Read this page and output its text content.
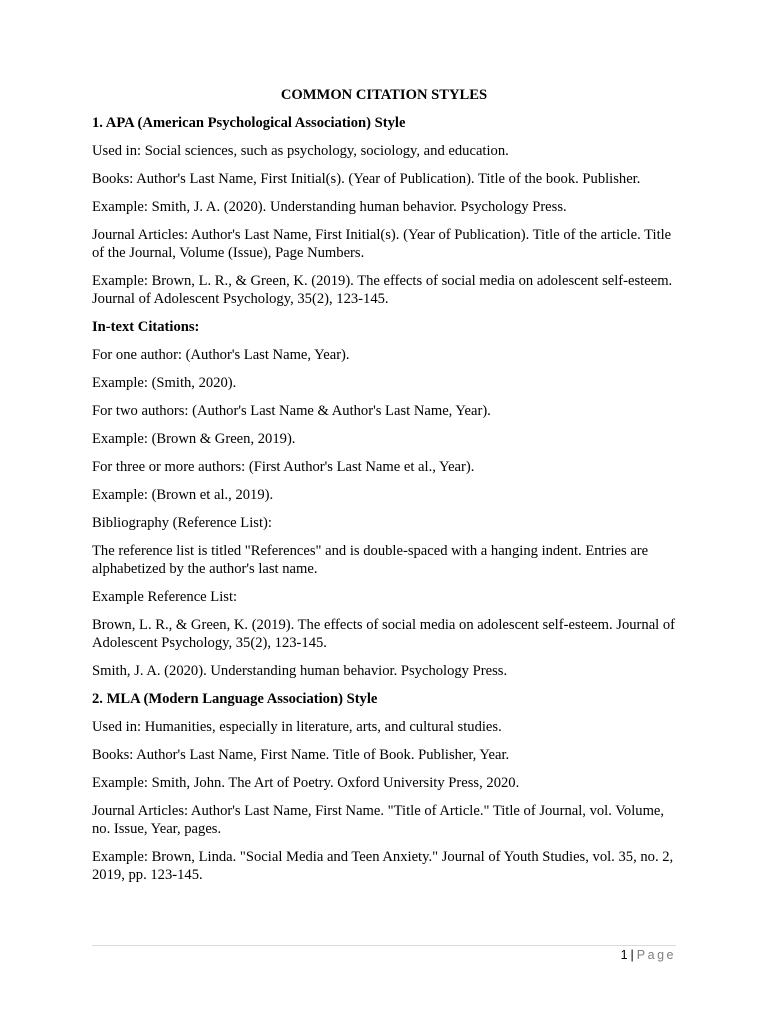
COMMON CITATION STYLES

1. APA (American Psychological Association) Style

Used in: Social sciences, such as psychology, sociology, and education.

Books: Author's Last Name, First Initial(s). (Year of Publication). Title of the book. Publisher.

Example: Smith, J. A. (2020). Understanding human behavior. Psychology Press.

Journal Articles: Author's Last Name, First Initial(s). (Year of Publication). Title of the article. Title of the Journal, Volume (Issue), Page Numbers.

Example: Brown, L. R., & Green, K. (2019). The effects of social media on adolescent self-esteem. Journal of Adolescent Psychology, 35(2), 123-145.

In-text Citations:

For one author: (Author's Last Name, Year).

Example: (Smith, 2020).

For two authors: (Author's Last Name & Author's Last Name, Year).

Example: (Brown & Green, 2019).

For three or more authors: (First Author's Last Name et al., Year).

Example: (Brown et al., 2019).

Bibliography (Reference List):

The reference list is titled "References" and is double-spaced with a hanging indent. Entries are alphabetized by the author's last name.

Example Reference List:

Brown, L. R., & Green, K. (2019). The effects of social media on adolescent self-esteem. Journal of Adolescent Psychology, 35(2), 123-145.

Smith, J. A. (2020). Understanding human behavior. Psychology Press.

2. MLA (Modern Language Association) Style

Used in: Humanities, especially in literature, arts, and cultural studies.

Books: Author's Last Name, First Name. Title of Book. Publisher, Year.

Example: Smith, John. The Art of Poetry. Oxford University Press, 2020.

Journal Articles: Author's Last Name, First Name. "Title of Article." Title of Journal, vol. Volume, no. Issue, Year, pages.

Example: Brown, Linda. "Social Media and Teen Anxiety." Journal of Youth Studies, vol. 35, no. 2, 2019, pp. 123-145.

1 | Page
